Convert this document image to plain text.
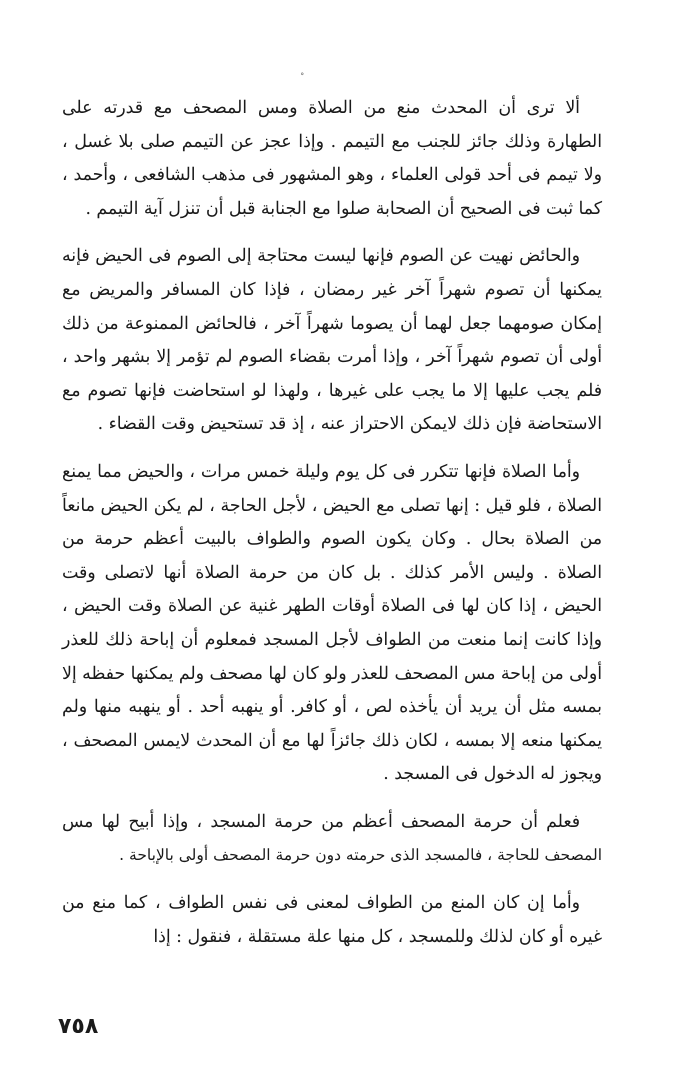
˚

ألا ترى أن المحدث منع من الصلاة ومس المصحف مع قدرته على الطهارة وذلك جائز للجنب مع التيمم . وإذا عجز عن التيمم صلى بلا غسل ، ولا تيمم فى أحد قولى العلماء ، وهو المشهور فى مذهب الشافعى ، وأحمد ، كما ثبت فى الصحيح أن الصحابة صلوا مع الجنابة قبل أن تنزل آية التيمم .

والحائض نهيت عن الصوم فإنها ليست محتاجة إلى الصوم فى الحيض فإنه يمكنها أن تصوم شهراً آخر غير رمضان ، فإذا كان المسافر والمريض مع إمكان صومهما جعل لهما أن يصوما شهراً آخر ، فالحائض الممنوعة من ذلك أولى أن تصوم شهراً آخر ، وإذا أمرت بقضاء الصوم لم تؤمر إلا بشهر واحد ، فلم يجب عليها إلا ما يجب على غيرها ، ولهذا لو استحاضت فإنها تصوم مع الاستحاضة فإن ذلك لايمكن الاحتراز عنه ، إذ قد تستحيض وقت القضاء .

وأما الصلاة فإنها تتكرر فى كل يوم وليلة خمس مرات ، والحيض مما يمنع الصلاة ، فلو قيل : إنها تصلى مع الحيض ، لأجل الحاجة ، لم يكن الحيض مانعاً من الصلاة بحال . وكان يكون الصوم والطواف بالبيت أعظم حرمة من الصلاة . وليس الأمر كذلك . بل كان من حرمة الصلاة أنها لاتصلى وقت الحيض ، إذا كان لها فى الصلاة أوقات الطهر غنية عن الصلاة وقت الحيض ، وإذا كانت إنما منعت من الطواف لأجل المسجد فمعلوم أن إباحة ذلك للعذر أولى من إباحة مس المصحف للعذر ولو كان لها مصحف ولم يمكنها حفظه إلا بمسه مثل أن يريد أن يأخذه لص ، أو كافر. أو ينهبه أحد . أو ينهبه منها ولم يمكنها منعه إلا بمسه ، لكان ذلك جائزاً لها مع أن المحدث لايمس المصحف ، ويجوز له الدخول فى المسجد .

فعلم أن حرمة المصحف أعظم من حرمة المسجد ، وإذا أبيح لها مس المصحف للحاجة ، فالمسجد الذى حرمته دون حرمة المصحف أولى بالإباحة .

وأما إن كان المنع من الطواف لمعنى فى نفس الطواف ، كما منع من غيره أو كان لذلك وللمسجد ، كل منها علة مستقلة ، فنقول : إذا

٧٥٨
